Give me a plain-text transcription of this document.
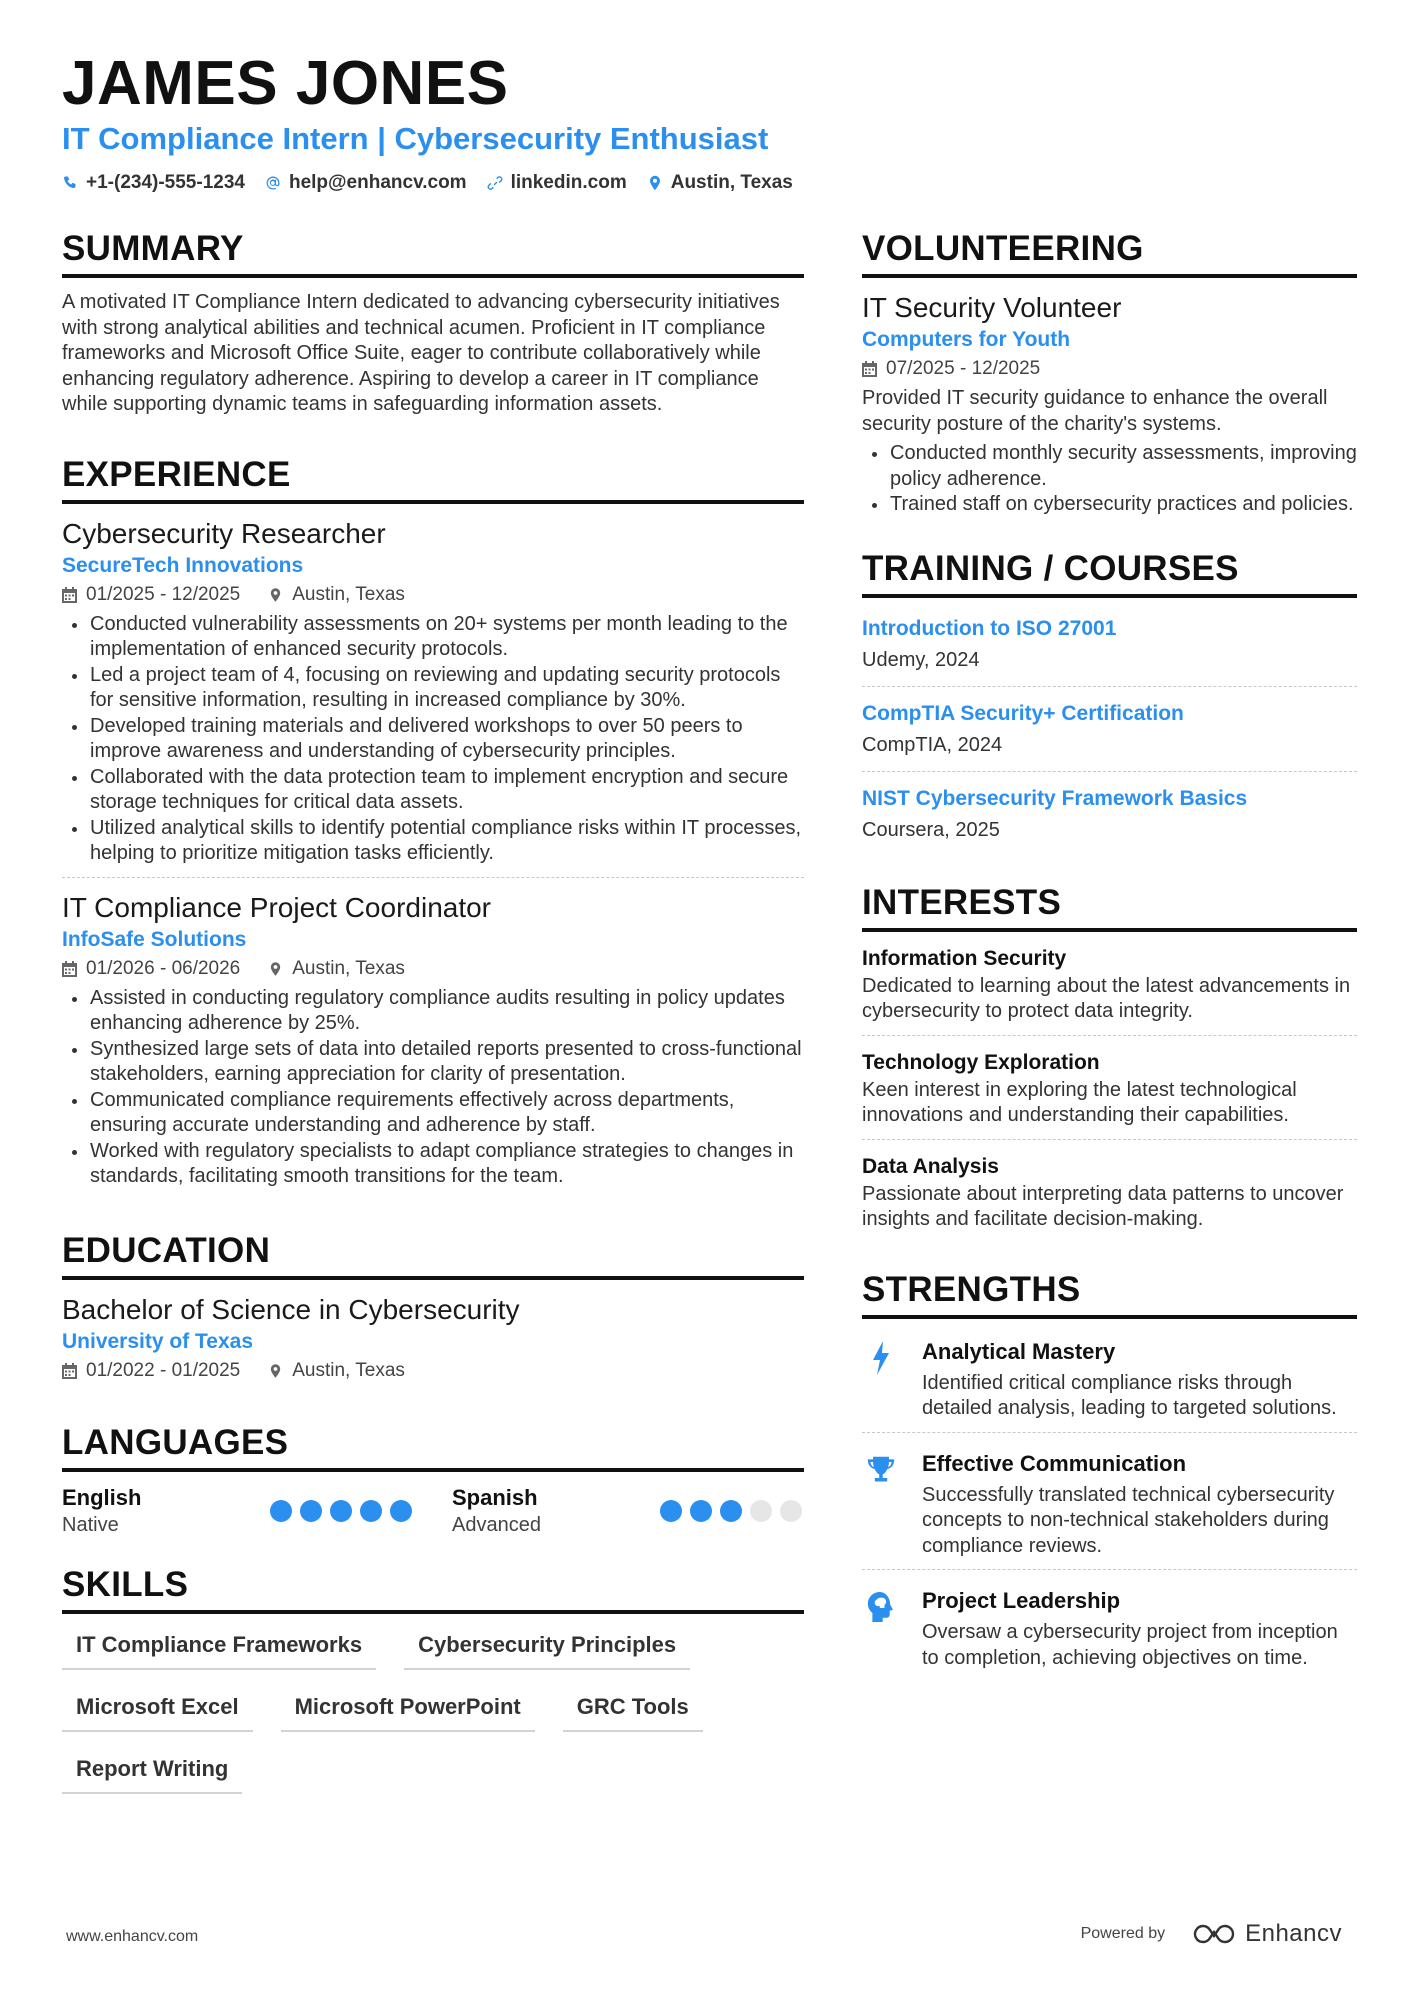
JAMES JONES
IT Compliance Intern | Cybersecurity Enthusiast
+1-(234)-555-1234 help@enhancv.com linkedin.com Austin, Texas
SUMMARY
A motivated IT Compliance Intern dedicated to advancing cybersecurity initiatives with strong analytical abilities and technical acumen. Proficient in IT compliance frameworks and Microsoft Office Suite, eager to contribute collaboratively while enhancing regulatory adherence. Aspiring to develop a career in IT compliance while supporting dynamic teams in safeguarding information assets.
EXPERIENCE
Cybersecurity Researcher
SecureTech Innovations
01/2025 - 12/2025	Austin, Texas
Conducted vulnerability assessments on 20+ systems per month leading to the implementation of enhanced security protocols.
Led a project team of 4, focusing on reviewing and updating security protocols for sensitive information, resulting in increased compliance by 30%.
Developed training materials and delivered workshops to over 50 peers to improve awareness and understanding of cybersecurity principles.
Collaborated with the data protection team to implement encryption and secure storage techniques for critical data assets.
Utilized analytical skills to identify potential compliance risks within IT processes, helping to prioritize mitigation tasks efficiently.
IT Compliance Project Coordinator
InfoSafe Solutions
01/2026 - 06/2026	Austin, Texas
Assisted in conducting regulatory compliance audits resulting in policy updates enhancing adherence by 25%.
Synthesized large sets of data into detailed reports presented to cross-functional stakeholders, earning appreciation for clarity of presentation.
Communicated compliance requirements effectively across departments, ensuring accurate understanding and adherence by staff.
Worked with regulatory specialists to adapt compliance strategies to changes in standards, facilitating smooth transitions for the team.
EDUCATION
Bachelor of Science in Cybersecurity
University of Texas
01/2022 - 01/2025	Austin, Texas
LANGUAGES
English
Native
Spanish
Advanced
SKILLS
IT Compliance Frameworks	Cybersecurity Principles
Microsoft Excel	Microsoft PowerPoint	GRC Tools
Report Writing
VOLUNTEERING
IT Security Volunteer
Computers for Youth
07/2025 - 12/2025
Provided IT security guidance to enhance the overall security posture of the charity's systems.
Conducted monthly security assessments, improving policy adherence.
Trained staff on cybersecurity practices and policies.
TRAINING / COURSES
Introduction to ISO 27001
Udemy, 2024
CompTIA Security+ Certification
CompTIA, 2024
NIST Cybersecurity Framework Basics
Coursera, 2025
INTERESTS
Information Security
Dedicated to learning about the latest advancements in cybersecurity to protect data integrity.
Technology Exploration
Keen interest in exploring the latest technological innovations and understanding their capabilities.
Data Analysis
Passionate about interpreting data patterns to uncover insights and facilitate decision-making.
STRENGTHS
Analytical Mastery
Identified critical compliance risks through detailed analysis, leading to targeted solutions.
Effective Communication
Successfully translated technical cybersecurity concepts to non-technical stakeholders during compliance reviews.
Project Leadership
Oversaw a cybersecurity project from inception to completion, achieving objectives on time.
www.enhancv.com	Powered by	Enhancv
